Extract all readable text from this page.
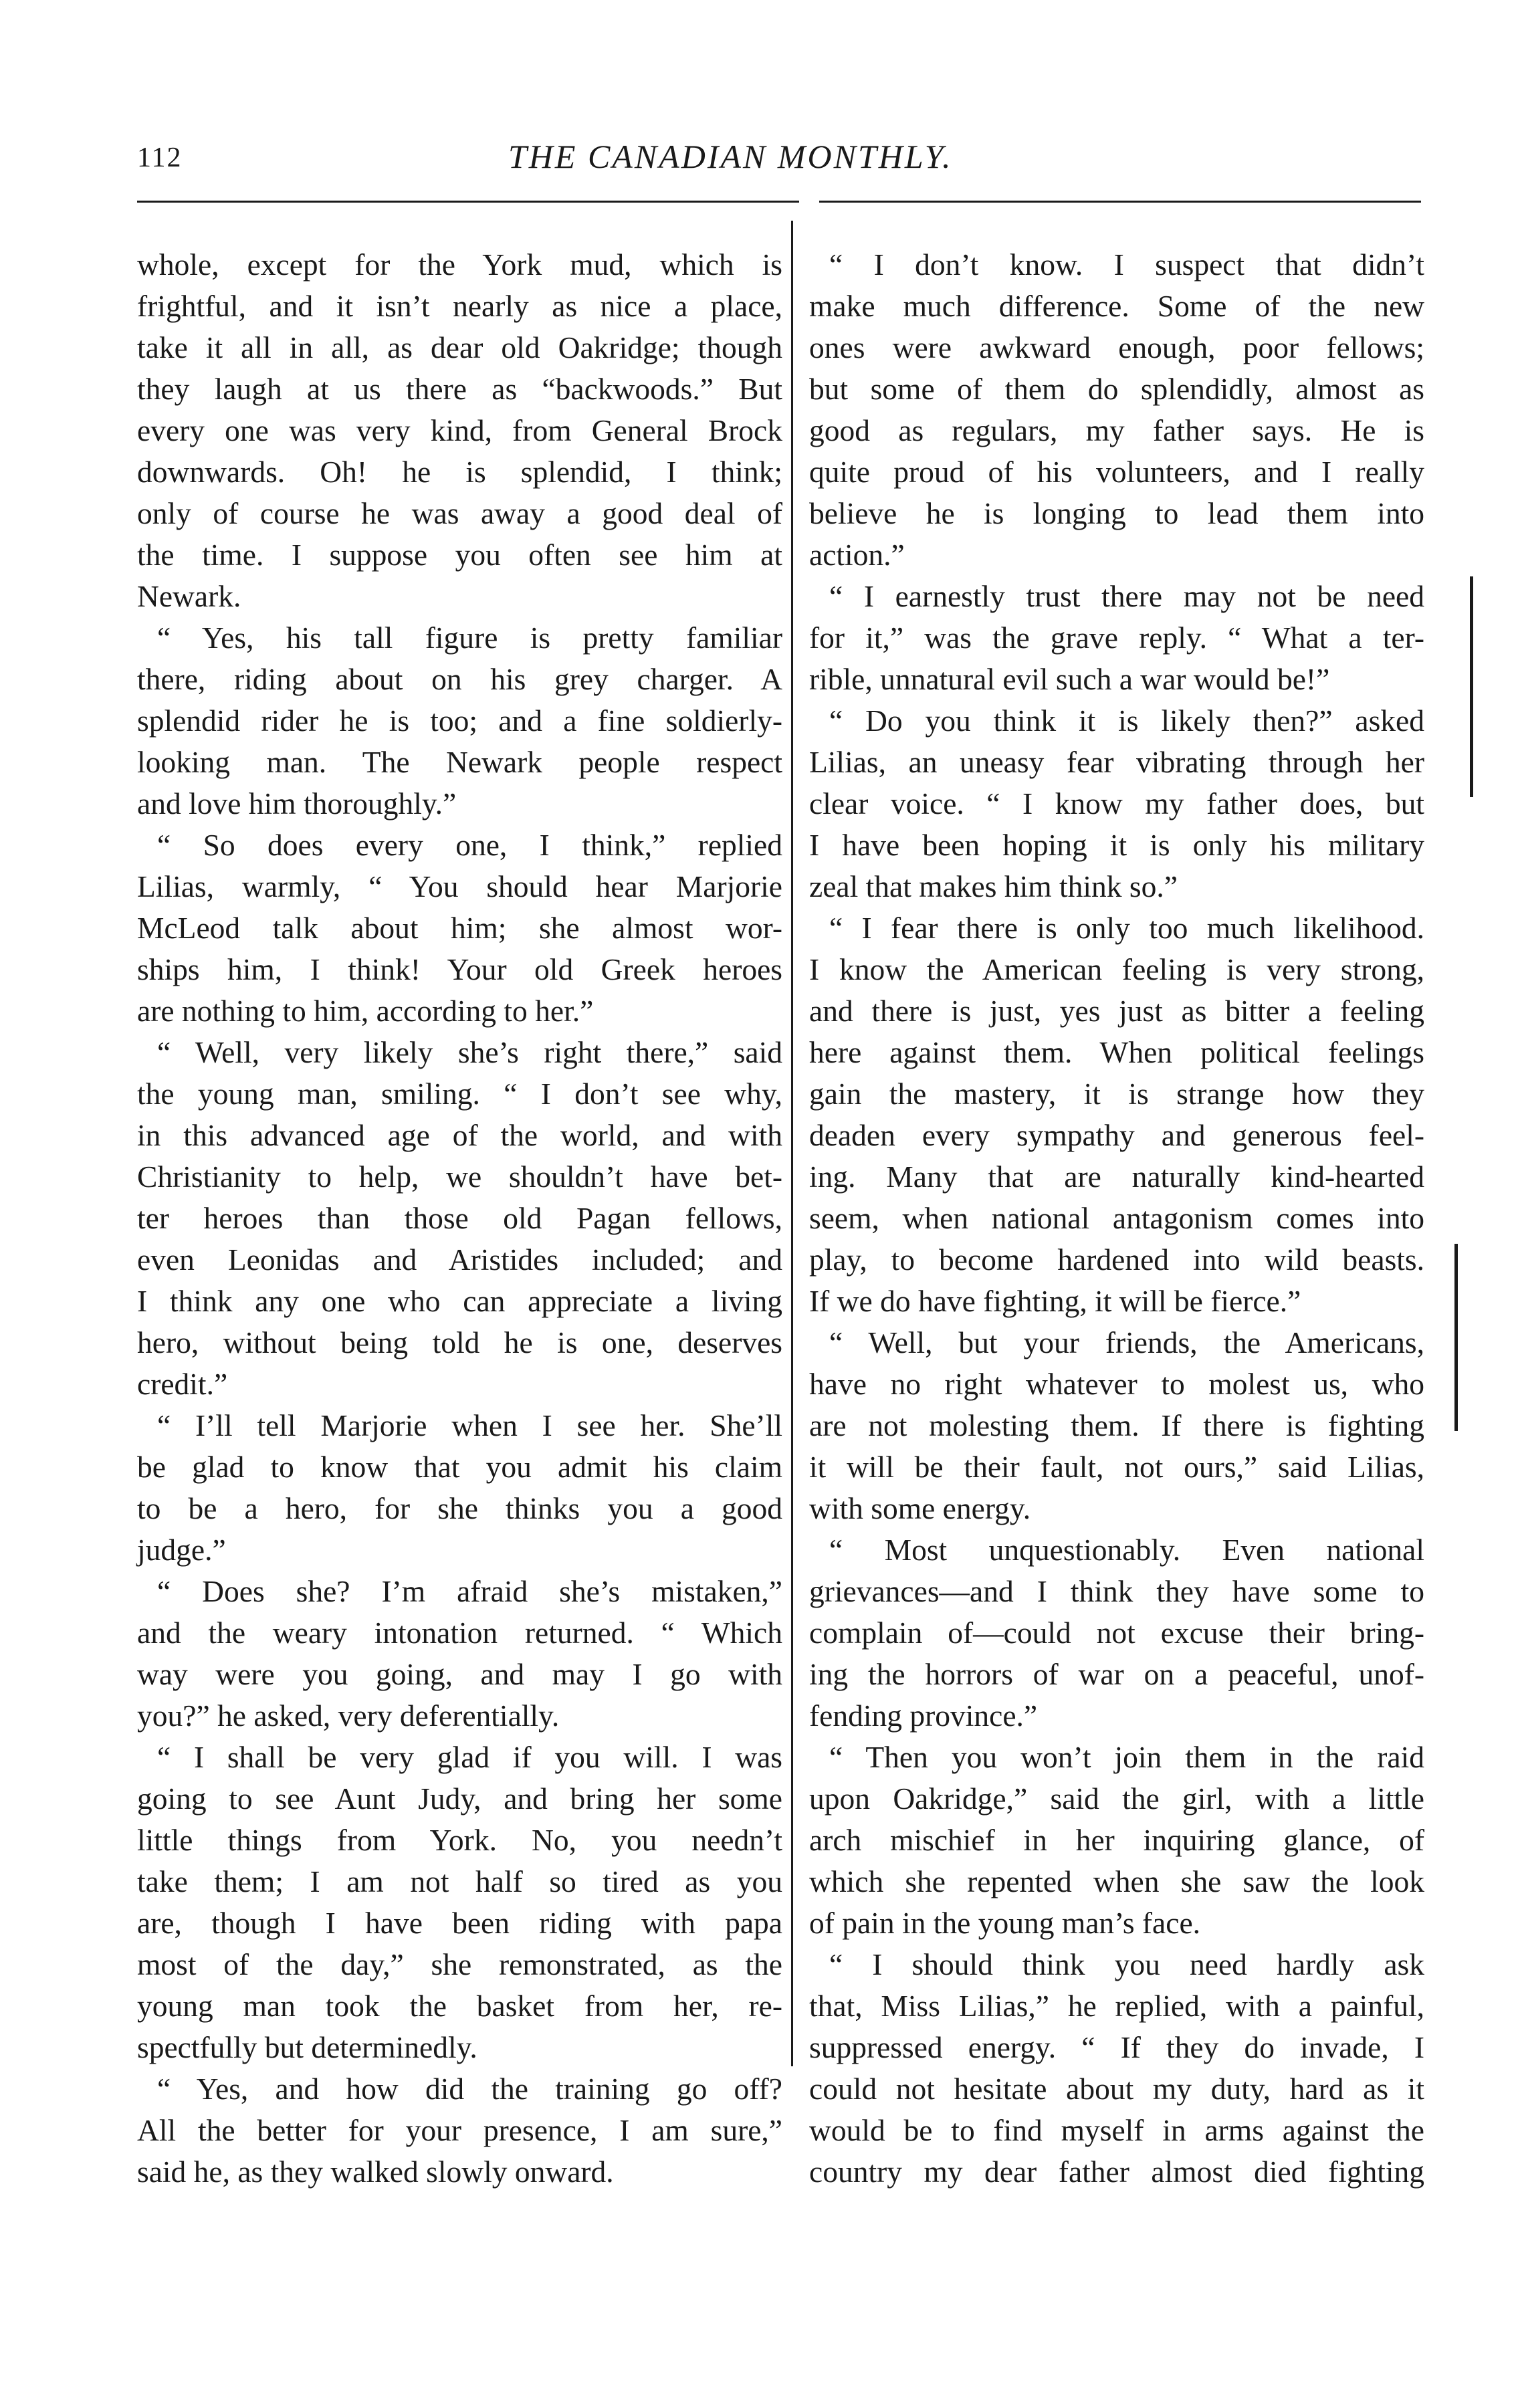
112	THE CANADIAN MONTHLY.
whole, except for the York mud, which is
frightful, and it isn’t nearly as nice a place,
take it all in all, as dear old Oakridge; though
they laugh at us there as “backwoods.” But
every one was very kind, from General Brock
downwards. Oh! he is splendid, I think;
only of course he was away a good deal of
the time. I suppose you often see him at
Newark.
“ Yes, his tall figure is pretty familiar
there, riding about on his grey charger. A
splendid rider he is too; and a fine soldierly-
looking man. The Newark people respect
and love him thoroughly.”
“ So does every one, I think,” replied
Lilias, warmly, “ You should hear Marjorie
McLeod talk about him; she almost wor-
ships him, I think! Your old Greek heroes
are nothing to him, according to her.”
“ Well, very likely she’s right there,” said
the young man, smiling. “ I don’t see why,
in this advanced age of the world, and with
Christianity to help, we shouldn’t have bet-
ter heroes than those old Pagan fellows,
even Leonidas and Aristides included; and
I think any one who can appreciate a living
hero, without being told he is one, deserves
credit.”
“ I’ll tell Marjorie when I see her. She’ll
be glad to know that you admit his claim
to be a hero, for she thinks you a good
judge.”
“ Does she? I’m afraid she’s mistaken,”
and the weary intonation returned. “ Which
way were you going, and may I go with
you?” he asked, very deferentially.
“ I shall be very glad if you will. I was
going to see Aunt Judy, and bring her some
little things from York. No, you needn’t
take them; I am not half so tired as you
are, though I have been riding with papa
most of the day,” she remonstrated, as the
young man took the basket from her, re-
spectfully but determinedly.
“ Yes, and how did the training go off?
All the better for your presence, I am sure,”
said he, as they walked slowly onward.
“ I don’t know. I suspect that didn’t
make much difference. Some of the new
ones were awkward enough, poor fellows;
but some of them do splendidly, almost as
good as regulars, my father says. He is
quite proud of his volunteers, and I really
believe he is longing to lead them into
action.”
“ I earnestly trust there may not be need
for it,” was the grave reply. “ What a ter-
rible, unnatural evil such a war would be!”
“ Do you think it is likely then?” asked
Lilias, an uneasy fear vibrating through her
clear voice. “ I know my father does, but
I have been hoping it is only his military
zeal that makes him think so.”
“ I fear there is only too much likelihood.
I know the American feeling is very strong,
and there is just, yes just as bitter a feeling
here against them. When political feelings
gain the mastery, it is strange how they
deaden every sympathy and generous feel-
ing. Many that are naturally kind-hearted
seem, when national antagonism comes into
play, to become hardened into wild beasts.
If we do have fighting, it will be fierce.”
“ Well, but your friends, the Americans,
have no right whatever to molest us, who
are not molesting them. If there is fighting
it will be their fault, not ours,” said Lilias,
with some energy.
“ Most unquestionably. Even national
grievances—and I think they have some to
complain of—could not excuse their bring-
ing the horrors of war on a peaceful, unof-
fending province.”
“ Then you won’t join them in the raid
upon Oakridge,” said the girl, with a little
arch mischief in her inquiring glance, of
which she repented when she saw the look
of pain in the young man’s face.
“ I should think you need hardly ask
that, Miss Lilias,” he replied, with a painful,
suppressed energy. “ If they do invade, I
could not hesitate about my duty, hard as it
would be to find myself in arms against the
country my dear father almost died fighting
